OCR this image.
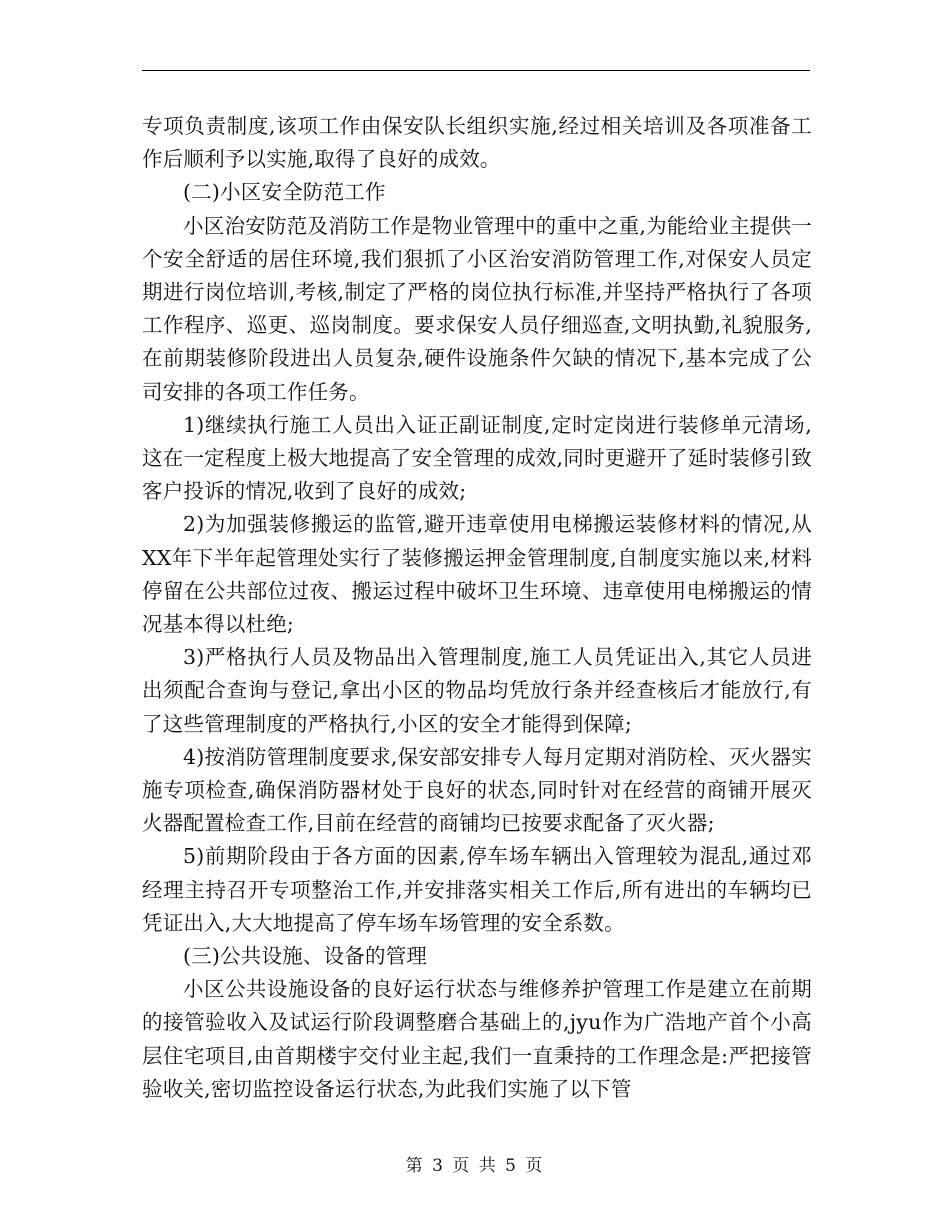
专项负责制度,该项工作由保安队长组织实施,经过相关培训及各项准备工作后顺利予以实施,取得了良好的成效。

(二)小区安全防范工作

小区治安防范及消防工作是物业管理中的重中之重,为能给业主提供一个安全舒适的居住环境,我们狠抓了小区治安消防管理工作,对保安人员定期进行岗位培训,考核,制定了严格的岗位执行标准,并坚持严格执行了各项工作程序、巡更、巡岗制度。要求保安人员仔细巡查,文明执勤,礼貌服务,在前期装修阶段进出人员复杂,硬件设施条件欠缺的情况下,基本完成了公司安排的各项工作任务。

1)继续执行施工人员出入证正副证制度,定时定岗进行装修单元清场,这在一定程度上极大地提高了安全管理的成效,同时更避开了延时装修引致客户投诉的情况,收到了良好的成效;

2)为加强装修搬运的监管,避开违章使用电梯搬运装修材料的情况,从XX年下半年起管理处实行了装修搬运押金管理制度,自制度实施以来,材料停留在公共部位过夜、搬运过程中破坏卫生环境、违章使用电梯搬运的情况基本得以杜绝;

3)严格执行人员及物品出入管理制度,施工人员凭证出入,其它人员进出须配合查询与登记,拿出小区的物品均凭放行条并经查核后才能放行,有了这些管理制度的严格执行,小区的安全才能得到保障;

4)按消防管理制度要求,保安部安排专人每月定期对消防栓、灭火器实施专项检查,确保消防器材处于良好的状态,同时针对在经营的商铺开展灭火器配置检查工作,目前在经营的商铺均已按要求配备了灭火器;

5)前期阶段由于各方面的因素,停车场车辆出入管理较为混乱,通过邓经理主持召开专项整治工作,并安排落实相关工作后,所有进出的车辆均已凭证出入,大大地提高了停车场车场管理的安全系数。

(三)公共设施、设备的管理

小区公共设施设备的良好运行状态与维修养护管理工作是建立在前期的接管验收入及试运行阶段调整磨合基础上的,jyu作为广浩地产首个小高层住宅项目,由首期楼宇交付业主起,我们一直秉持的工作理念是:严把接管验收关,密切监控设备运行状态,为此我们实施了以下管

第 3 页 共 5 页
